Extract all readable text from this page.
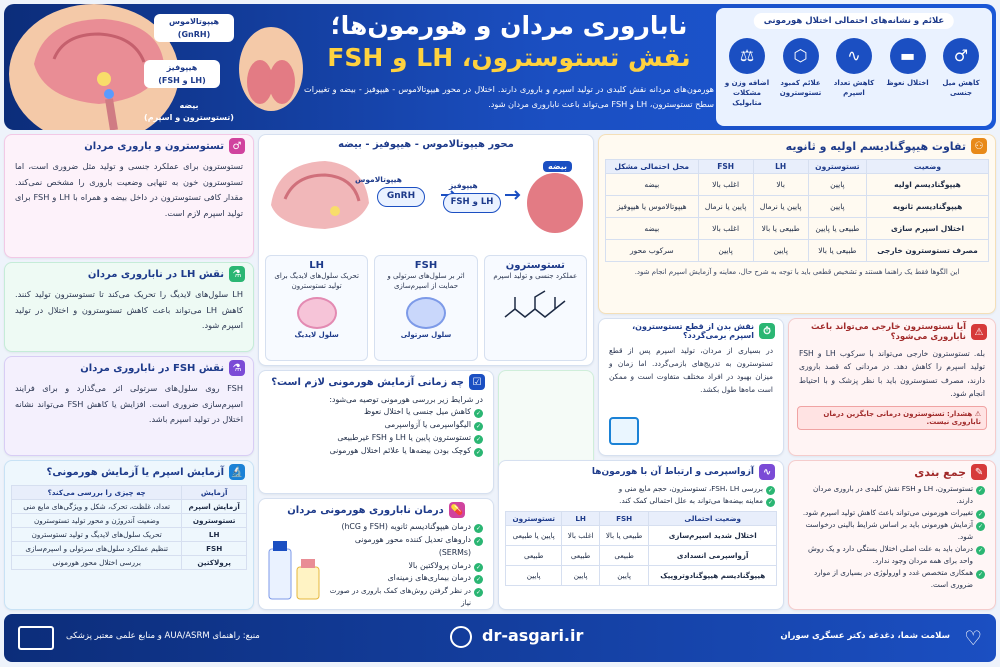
هیپوتالاموس
(GnRH)
هیپوفیز
(LH و FSH)
بیضه
(تستوسترون و اسپرم)
ناباروری مردان و هورمون‌ها؛
نقش تستوسترون، LH و FSH
هورمون‌های مردانه نقش کلیدی در تولید اسپرم و باروری دارند. اختلال در محور هیپوتالاموس - هیپوفیز - بیضه و تغییرات سطح تستوسترون، LH و FSH می‌تواند باعث ناباروری مردان شود.
علائم و نشانه‌های احتمالی اختلال هورمونی
⚖
اضافه وزن و مشکلات متابولیک
⬡
علائم کمبود تستوسترون
∿
کاهش تعداد اسپرم
▬
اختلال نعوظ
♂
کاهش میل جنسی
♂
تستوسترون و باروری مردان
تستوسترون برای عملکرد جنسی و تولید مثل ضروری است، اما تستوسترون خون به تنهایی وضعیت باروری را مشخص نمی‌کند. مقدار کافی تستوسترون در داخل بیضه و همراه با LH و FSH برای تولید اسپرم لازم است.
⚗
نقش LH در ناباروری مردان
LH سلول‌های لایدیگ را تحریک می‌کند تا تستوسترون تولید کنند. کاهش LH می‌تواند باعث کاهش تستوسترون و اختلال در تولید اسپرم شود.
⚗
نقش FSH در ناباروری مردان
FSH روی سلول‌های سرتولی اثر می‌گذارد و برای فرایند اسپرم‌سازی ضروری است. افزایش یا کاهش FSH می‌تواند نشانه اختلال در تولید اسپرم باشد.
🔬
آزمایش اسپرم یا آزمایش هورمونی؟
آزمایش	چه چیزی را بررسی می‌کند؟
آزمایش اسپرم	تعداد، غلظت، تحرک، شکل و ویژگی‌های مایع منی
تستوسترون	وضعیت آندروژن و محور تولید تستوسترون
LH	تحریک سلول‌های لایدیگ و تولید تستوسترون
FSH	تنظیم عملکرد سلول‌های سرتولی و اسپرم‌سازی
پرولاکتین	بررسی اختلال محور هورمونی
محور هیپوتالاموس - هیپوفیز - بیضه
هیپوتالاموس
GnRH
هیپوفیز
LH و FSH
بیضه
LH
تحریک سلول‌های لایدیگ برای تولید تستوسترون
سلول لایدیگ
FSH
اثر بر سلول‌های سرتولی و حمایت از اسپرم‌سازی
سلول سرتولی
تستوسترون
عملکرد جنسی و تولید اسپرم
☑
چه زمانی آزمایش هورمونی لازم است؟
در شرایط زیر بررسی هورمونی توصیه می‌شود:
✓ کاهش میل جنسی یا اختلال نعوظ
✓ الیگواسپرمی یا آزواسپرمی
✓ تستوسترون پایین یا LH و FSH غیرطبیعی
✓ کوچک بودن بیضه‌ها یا علائم اختلال هورمونی
💊
درمان ناباروری هورمونی مردان
✓ درمان هیپوگنادیسم ثانویه (FSH و hCG)
✓ داروهای تعدیل کننده محور هورمونی (SERMs)
✓ درمان پرولاکتین بالا
✓ درمان بیماری‌های زمینه‌ای
✓ در نظر گرفتن روش‌های کمک باروری در صورت نیاز
⚇
تفاوت هیپوگنادیسم اولیه و ثانویه
وضعیت	تستوسترون	LH	FSH	محل احتمالی مشکل
هیپوگنادیسم اولیه	پایین	بالا	اغلب بالا	بیضه
هیپوگنادیسم ثانویه	پایین	پایین یا نرمال	پایین یا نرمال	هیپوتالاموس یا هیپوفیز
اختلال اسپرم سازی	طبیعی یا پایین	طبیعی یا بالا	اغلب بالا	بیضه
مصرف تستوسترون خارجی	طبیعی یا بالا	پایین	پایین	سرکوب محور
این الگوها فقط یک راهنما هستند و تشخیص قطعی باید با توجه به شرح حال، معاینه و آزمایش اسپرم انجام شود.
⚠
آیا تستوسترون خارجی می‌تواند باعث ناباروری می‌شود؟
بله. تستوسترون خارجی می‌تواند با سرکوب LH و FSH تولید اسپرم را کاهش دهد. در مردانی که قصد باروری دارند، مصرف تستوسترون باید با نظر پزشک و با احتیاط انجام شود.
⚠ هشدار: تستوسترون درمانی جایگزین درمان ناباروری نیست.
⏱
نقش بدن از قطع تستوسترون، اسپرم برمی‌گردد؟
در بسیاری از مردان، تولید اسپرم پس از قطع تستوسترون به تدریج‌های بازمی‌گردد. اما زمان و میزان بهبود در افراد مختلف متفاوت است و ممکن است ماه‌ها طول بکشد.
∿
آزواسپرمی و ارتباط آن با هورمون‌ها
✓ بررسی FSH، LH، تستوسترون، حجم مایع منی و
✓ معاینه بیضه‌ها می‌تواند به علل احتمالی کمک کند.
وضعیت احتمالی	FSH	LH	تستوسترون
اختلال شدید اسپرم‌سازی	طبیعی یا بالا	اغلب بالا	پایین یا طبیعی
آزواسپرمی انسدادی	طبیعی	طبیعی	طبیعی
هیپوگنادیسم هیپوگنادوتروپیک	پایین	پایین	پایین
✎
جمع بندی
✓ تستوسترون، LH و FSH نقش کلیدی در باروری مردان دارند.
✓ تغییرات هورمونی می‌تواند باعث کاهش تولید اسپرم شود.
✓ آزمایش هورمونی باید بر اساس شرایط بالینی درخواست شود.
✓ درمان باید به علت اصلی اختلال بستگی دارد و یک روش واحد برای همه مردان وجود ندارد.
✓ همکاری متخصص غدد و اورولوژی در بسیاری از موارد ضروری است.
♡
سلامت شما، دغدغه دکتر عسگری سوران
dr-asgari.ir
منبع: راهنمای AUA/ASRM و منابع علمی معتبر پزشکی
